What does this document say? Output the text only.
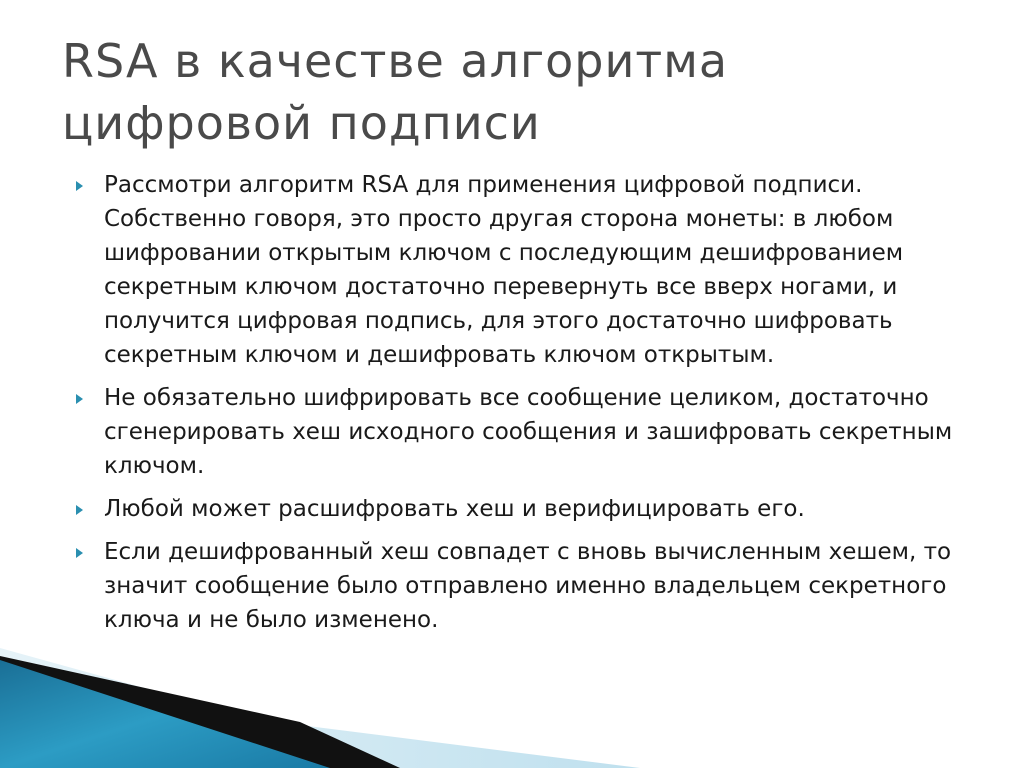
RSA в качестве алгоритма цифровой подписи
Рассмотри алгоритм RSA для применения цифровой подписи. Собственно говоря, это просто другая сторона монеты: в любом шифровании открытым ключом с последующим дешифрованием секретным ключом достаточно перевернуть все вверх ногами, и получится цифровая подпись, для этого достаточно шифровать секретным ключом и дешифровать ключом открытым.
Не обязательно шифрировать все сообщение целиком, достаточно сгенерировать хеш исходного сообщения и зашифровать секретным ключом.
Любой может расшифровать хеш и верифицировать его.
Если дешифрованный хеш совпадет с вновь вычисленным хешем, то значит сообщение было отправлено именно владельцем секретного ключа и не было изменено.
